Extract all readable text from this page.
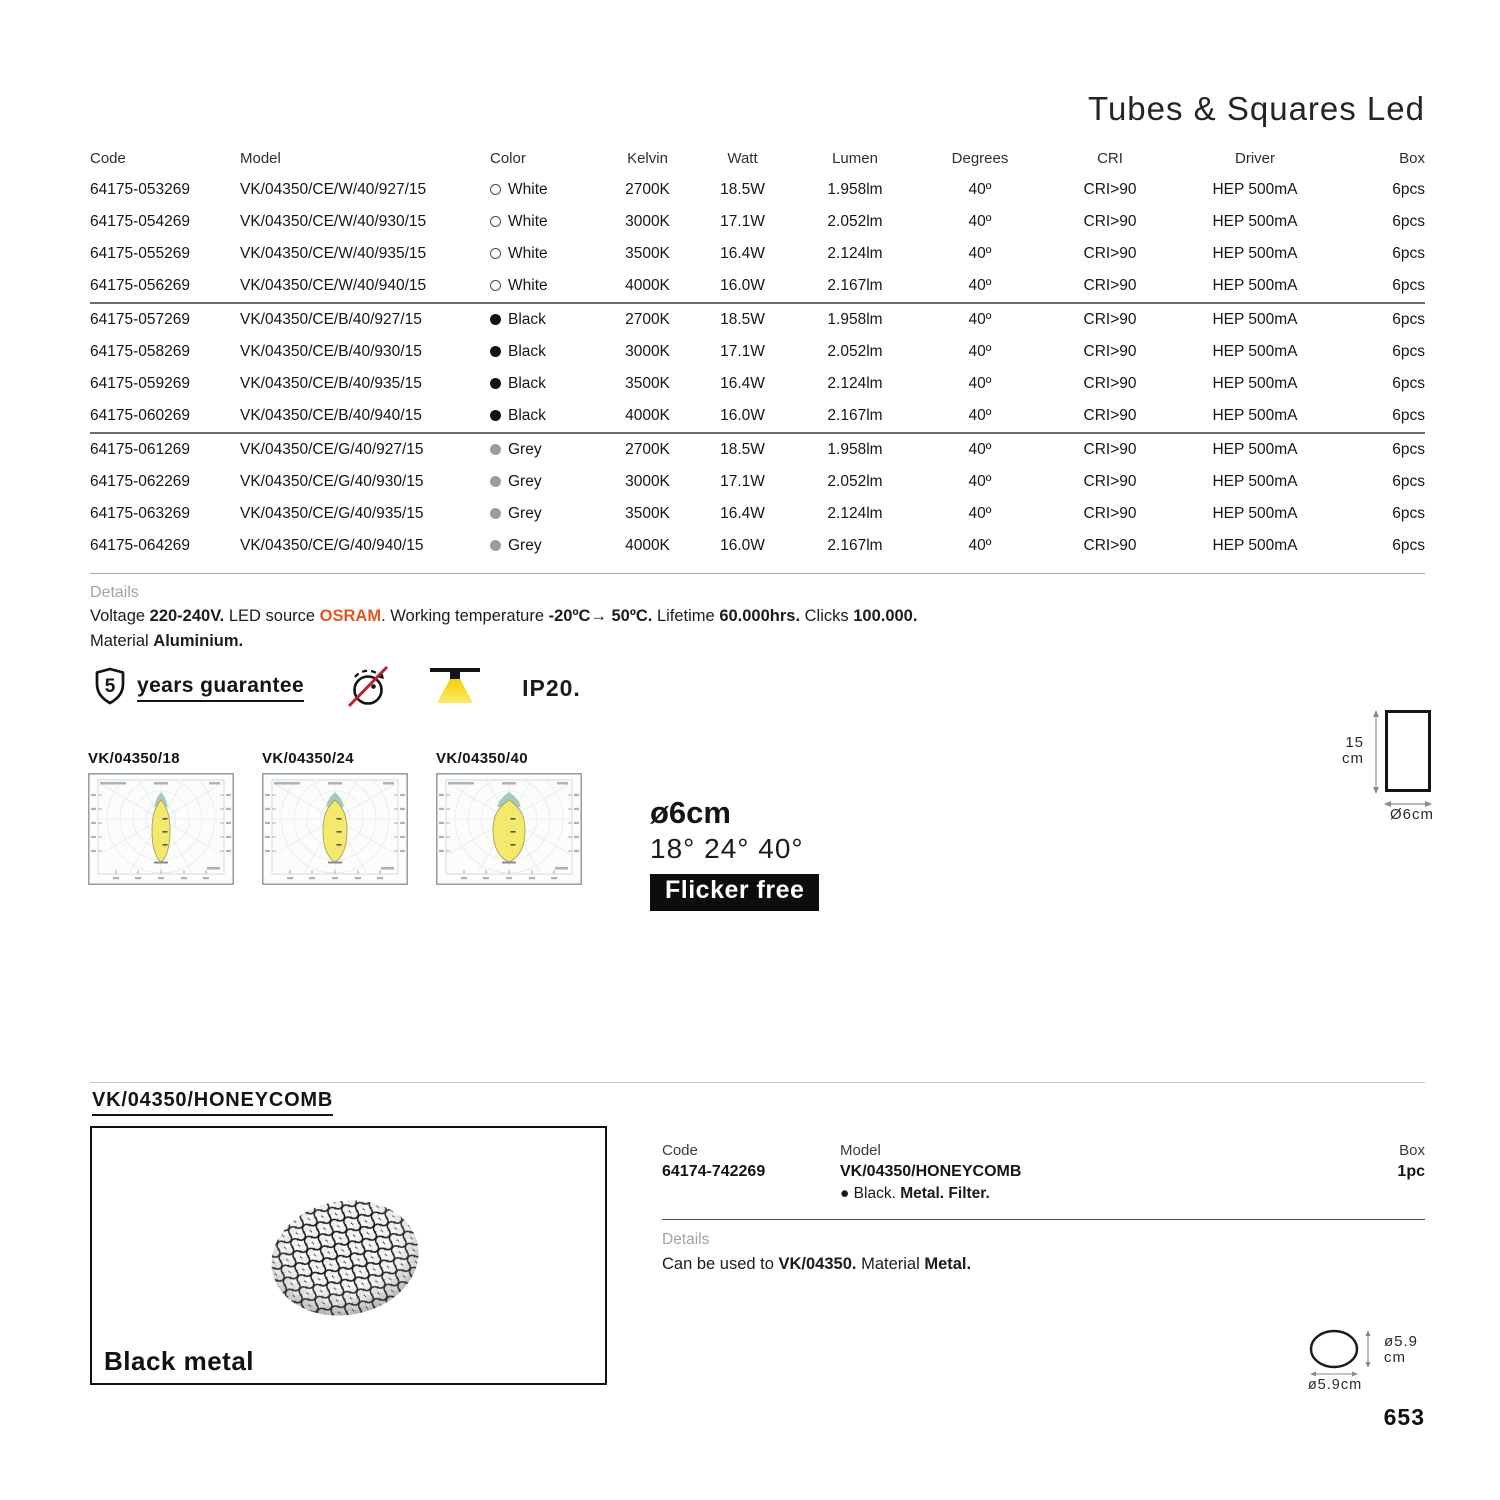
Tubes & Squares Led
Code	Model	Color	Kelvin	Watt	Lumen	Degrees	CRI	Driver	Box
64175-053269	VK/04350/CE/W/40/927/15	White	2700K	18.5W	1.958lm	40º	CRI>90	HEP 500mA	6pcs
64175-054269	VK/04350/CE/W/40/930/15	White	3000K	17.1W	2.052lm	40º	CRI>90	HEP 500mA	6pcs
64175-055269	VK/04350/CE/W/40/935/15	White	3500K	16.4W	2.124lm	40º	CRI>90	HEP 500mA	6pcs
64175-056269	VK/04350/CE/W/40/940/15	White	4000K	16.0W	2.167lm	40º	CRI>90	HEP 500mA	6pcs
64175-057269	VK/04350/CE/B/40/927/15	Black	2700K	18.5W	1.958lm	40º	CRI>90	HEP 500mA	6pcs
64175-058269	VK/04350/CE/B/40/930/15	Black	3000K	17.1W	2.052lm	40º	CRI>90	HEP 500mA	6pcs
64175-059269	VK/04350/CE/B/40/935/15	Black	3500K	16.4W	2.124lm	40º	CRI>90	HEP 500mA	6pcs
64175-060269	VK/04350/CE/B/40/940/15	Black	4000K	16.0W	2.167lm	40º	CRI>90	HEP 500mA	6pcs
64175-061269	VK/04350/CE/G/40/927/15	Grey	2700K	18.5W	1.958lm	40º	CRI>90	HEP 500mA	6pcs
64175-062269	VK/04350/CE/G/40/930/15	Grey	3000K	17.1W	2.052lm	40º	CRI>90	HEP 500mA	6pcs
64175-063269	VK/04350/CE/G/40/935/15	Grey	3500K	16.4W	2.124lm	40º	CRI>90	HEP 500mA	6pcs
64175-064269	VK/04350/CE/G/40/940/15	Grey	4000K	16.0W	2.167lm	40º	CRI>90	HEP 500mA	6pcs
Details
Voltage 220-240V. LED source OSRAM. Working temperature -20ºC→ 50ºC. Lifetime 60.000hrs. Clicks 100.000.
Material Aluminium.
5 years guarantee	IP20.
VK/04350/18	VK/04350/24	VK/04350/40
ø6cm
18° 24° 40°
Flicker free
15
cm
Ø6cm
VK/04350/HONEYCOMB
Black metal
Code
64174-742269
Model
VK/04350/HONEYCOMB
● Black. Metal. Filter.
Box
1pc
Details
Can be used to VK/04350. Material Metal.
ø5.9
cm
ø5.9cm
653
